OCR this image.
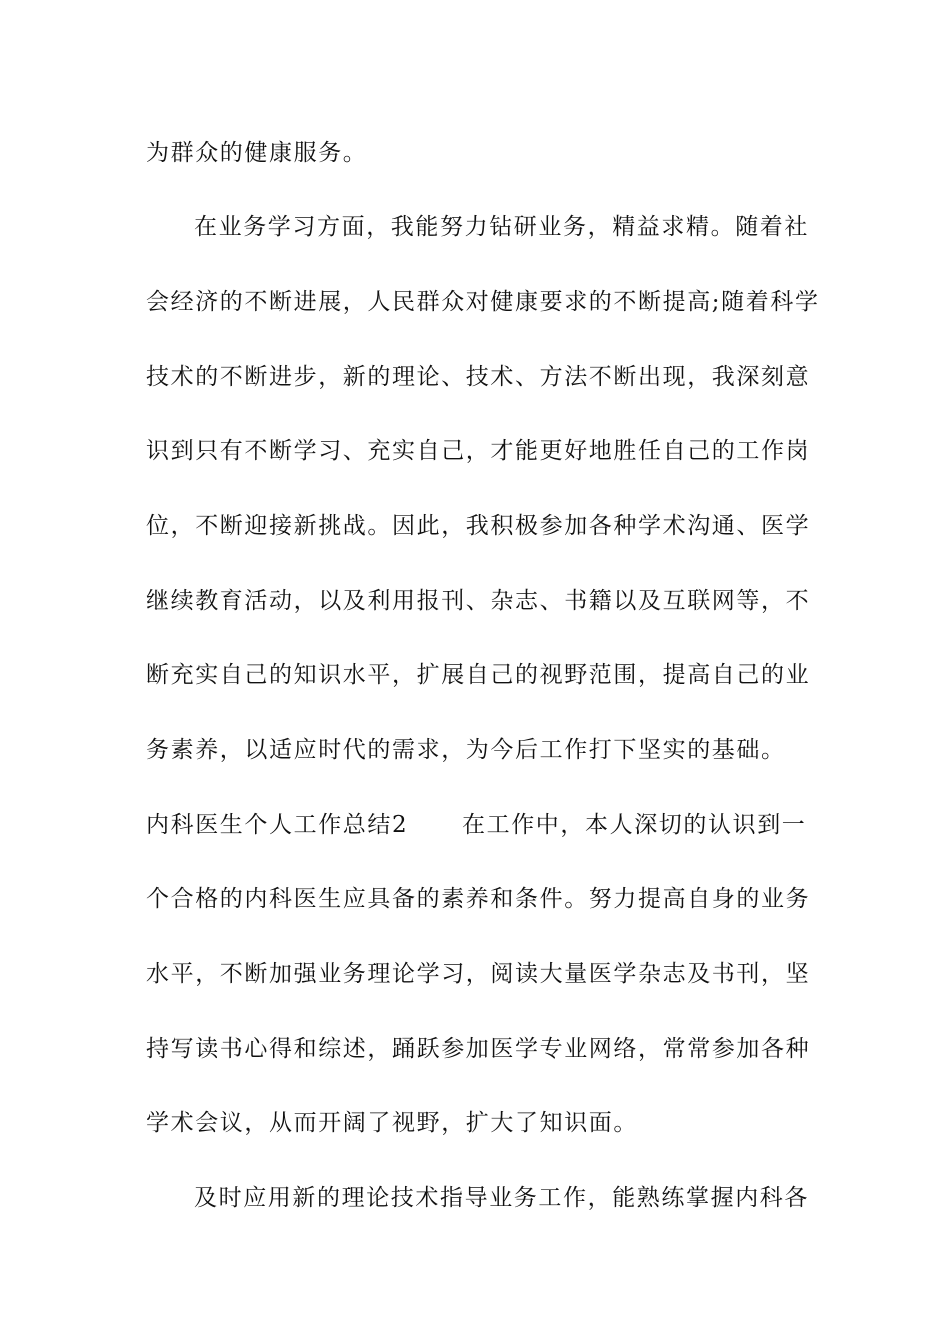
为群众的健康服务。
在业务学习方面，我能努力钻研业务，精益求精。随着社
会经济的不断进展，人民群众对健康要求的不断提高;随着科学
技术的不断进步，新的理论、技术、方法不断出现，我深刻意
识到只有不断学习、充实自己，才能更好地胜任自己的工作岗
位，不断迎接新挑战。因此，我积极参加各种学术沟通、医学
继续教育活动，以及利用报刊、杂志、书籍以及互联网等，不
断充实自己的知识水平，扩展自己的视野范围，提高自己的业
务素养，以适应时代的需求，为今后工作打下坚实的基础。
内科医生个人工作总结2 在工作中，本人深切的认识到一
个合格的内科医生应具备的素养和条件。努力提高自身的业务
水平，不断加强业务理论学习，阅读大量医学杂志及书刊，坚
持写读书心得和综述，踊跃参加医学专业网络，常常参加各种
学术会议，从而开阔了视野，扩大了知识面。
及时应用新的理论技术指导业务工作，能熟练掌握内科各
